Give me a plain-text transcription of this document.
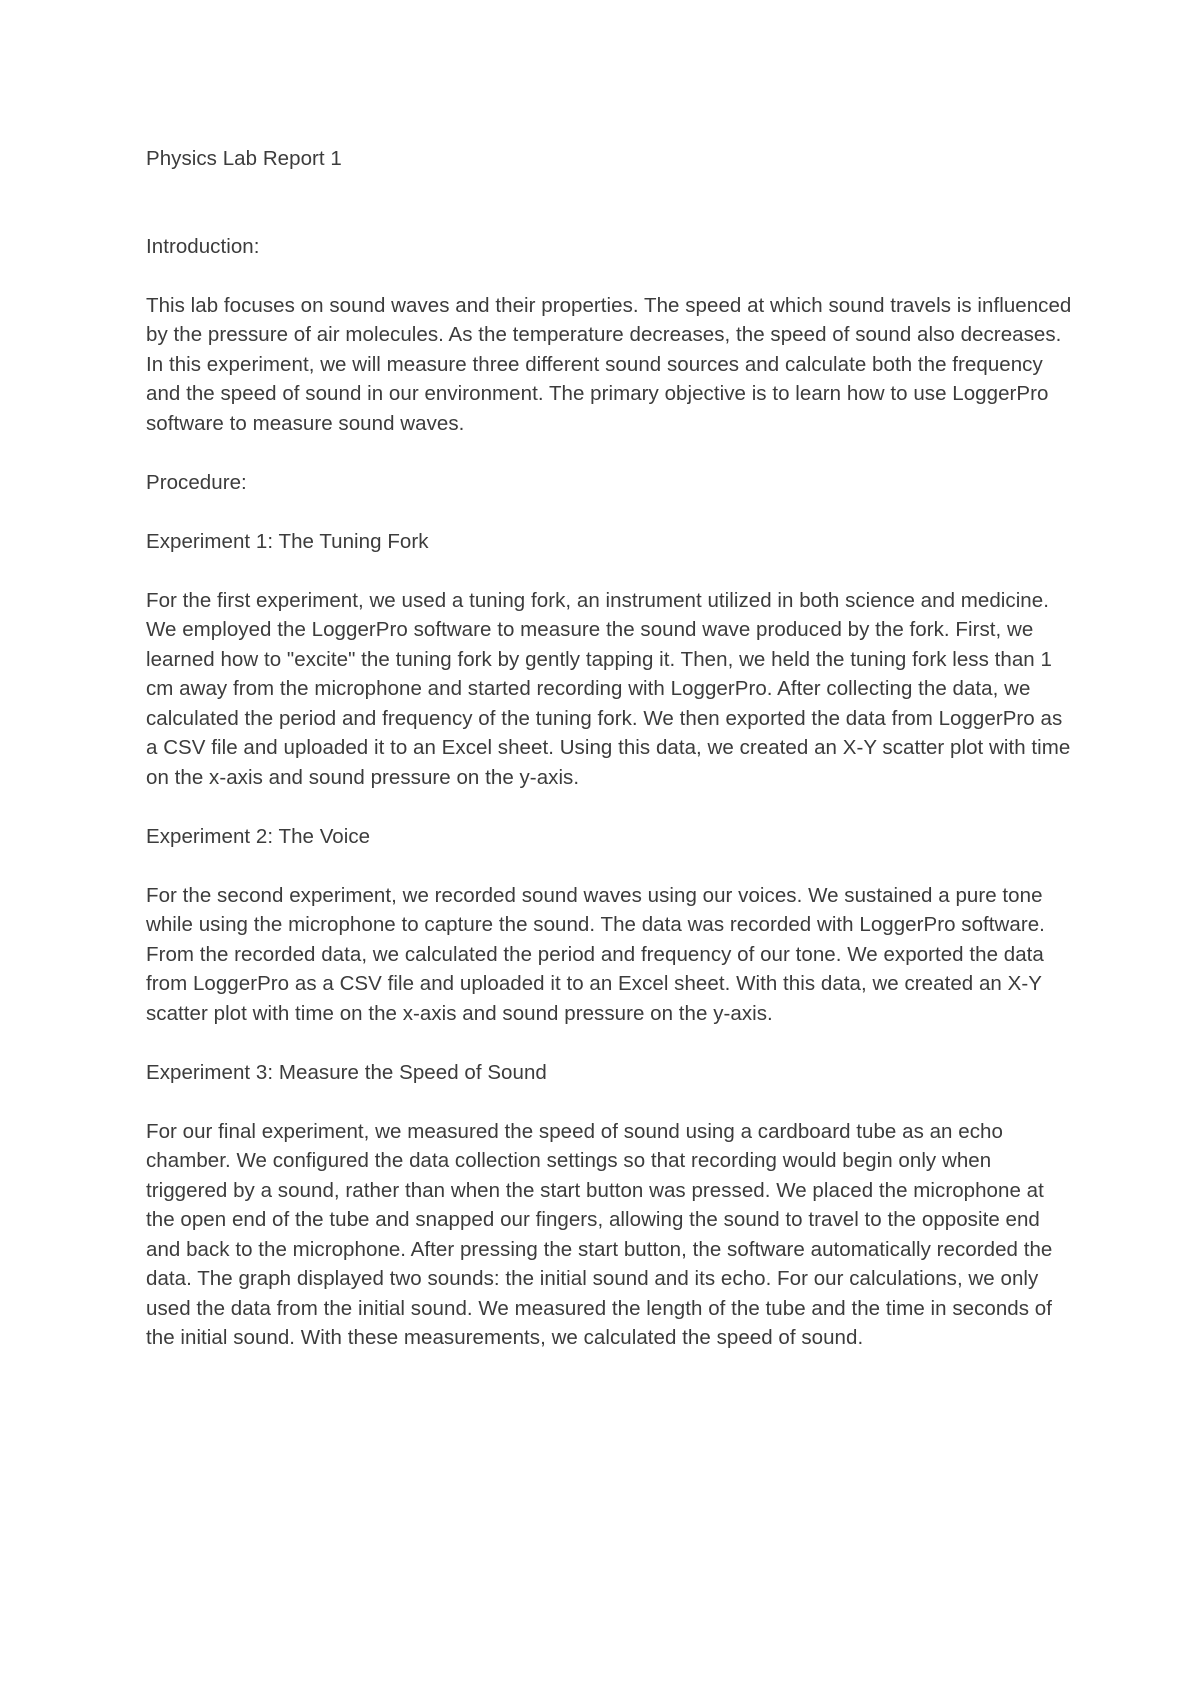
Physics Lab Report 1

Introduction:

This lab focuses on sound waves and their properties. The speed at which sound travels is influenced by the pressure of air molecules. As the temperature decreases, the speed of sound also decreases. In this experiment, we will measure three different sound sources and calculate both the frequency and the speed of sound in our environment. The primary objective is to learn how to use LoggerPro software to measure sound waves.

Procedure:

Experiment 1: The Tuning Fork

For the first experiment, we used a tuning fork, an instrument utilized in both science and medicine. We employed the LoggerPro software to measure the sound wave produced by the fork. First, we learned how to "excite" the tuning fork by gently tapping it. Then, we held the tuning fork less than 1 cm away from the microphone and started recording with LoggerPro. After collecting the data, we calculated the period and frequency of the tuning fork. We then exported the data from LoggerPro as a CSV file and uploaded it to an Excel sheet. Using this data, we created an X-Y scatter plot with time on the x-axis and sound pressure on the y-axis.

Experiment 2: The Voice

For the second experiment, we recorded sound waves using our voices. We sustained a pure tone while using the microphone to capture the sound. The data was recorded with LoggerPro software. From the recorded data, we calculated the period and frequency of our tone. We exported the data from LoggerPro as a CSV file and uploaded it to an Excel sheet. With this data, we created an X-Y scatter plot with time on the x-axis and sound pressure on the y-axis.

Experiment 3: Measure the Speed of Sound

For our final experiment, we measured the speed of sound using a cardboard tube as an echo chamber. We configured the data collection settings so that recording would begin only when triggered by a sound, rather than when the start button was pressed. We placed the microphone at the open end of the tube and snapped our fingers, allowing the sound to travel to the opposite end and back to the microphone. After pressing the start button, the software automatically recorded the data. The graph displayed two sounds: the initial sound and its echo. For our calculations, we only used the data from the initial sound. We measured the length of the tube and the time in seconds of the initial sound. With these measurements, we calculated the speed of sound.
